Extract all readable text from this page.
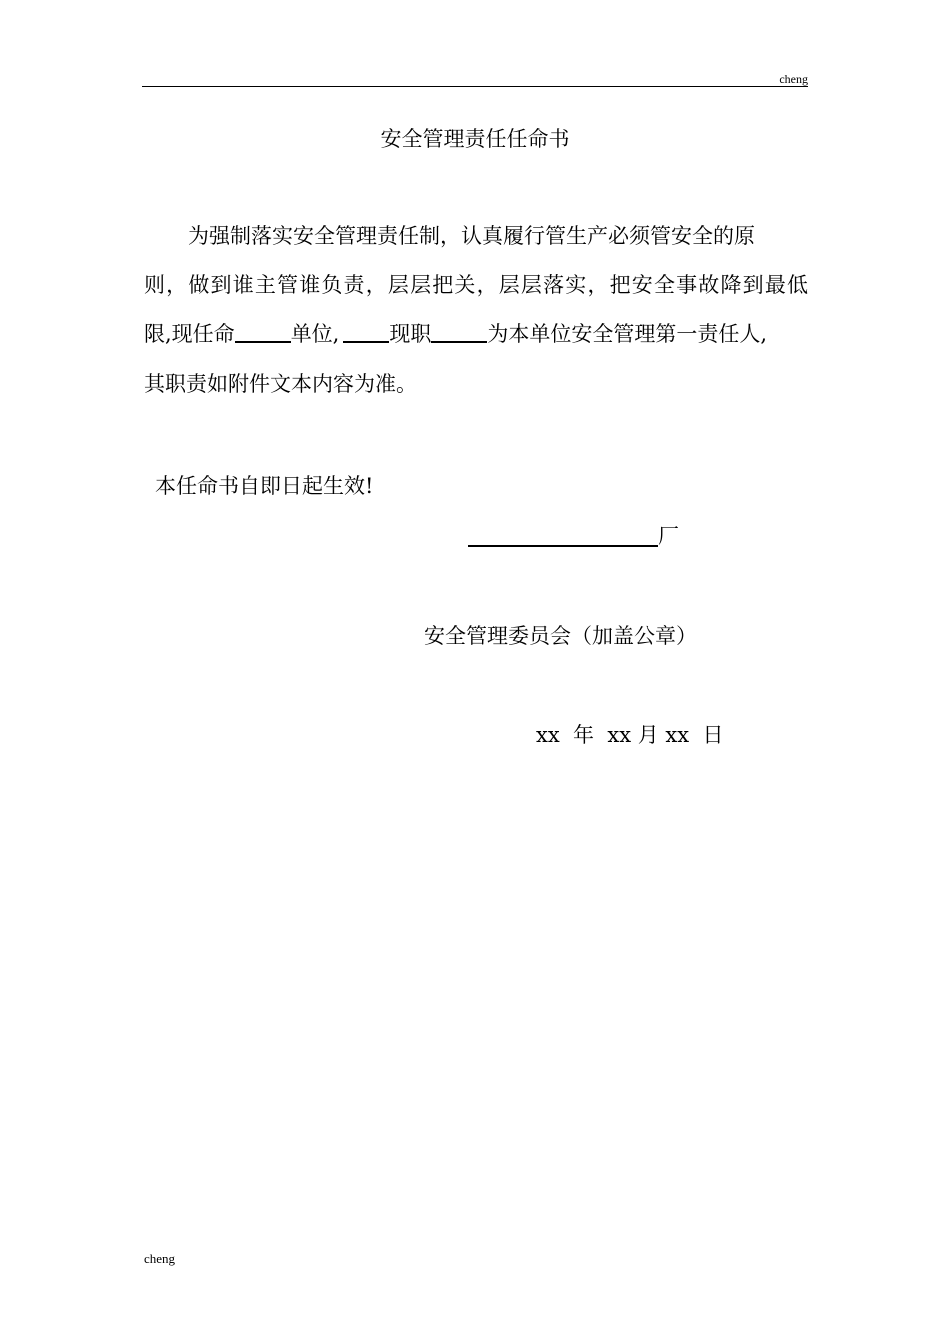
cheng
安全管理责任任命书
为强制落实安全管理责任制，认真履行管生产必须管安全的原
则，做到谁主管谁负责，层层把关，层层落实，把安全事故降到最低
限,现任命	单位, 现职	为本单位安全管理第一责任人,
其职责如附件文本内容为准。
本任命书自即日起生效!
厂
安全管理委员会（加盖公章）
xx  年  xx 月 xx  日
cheng
